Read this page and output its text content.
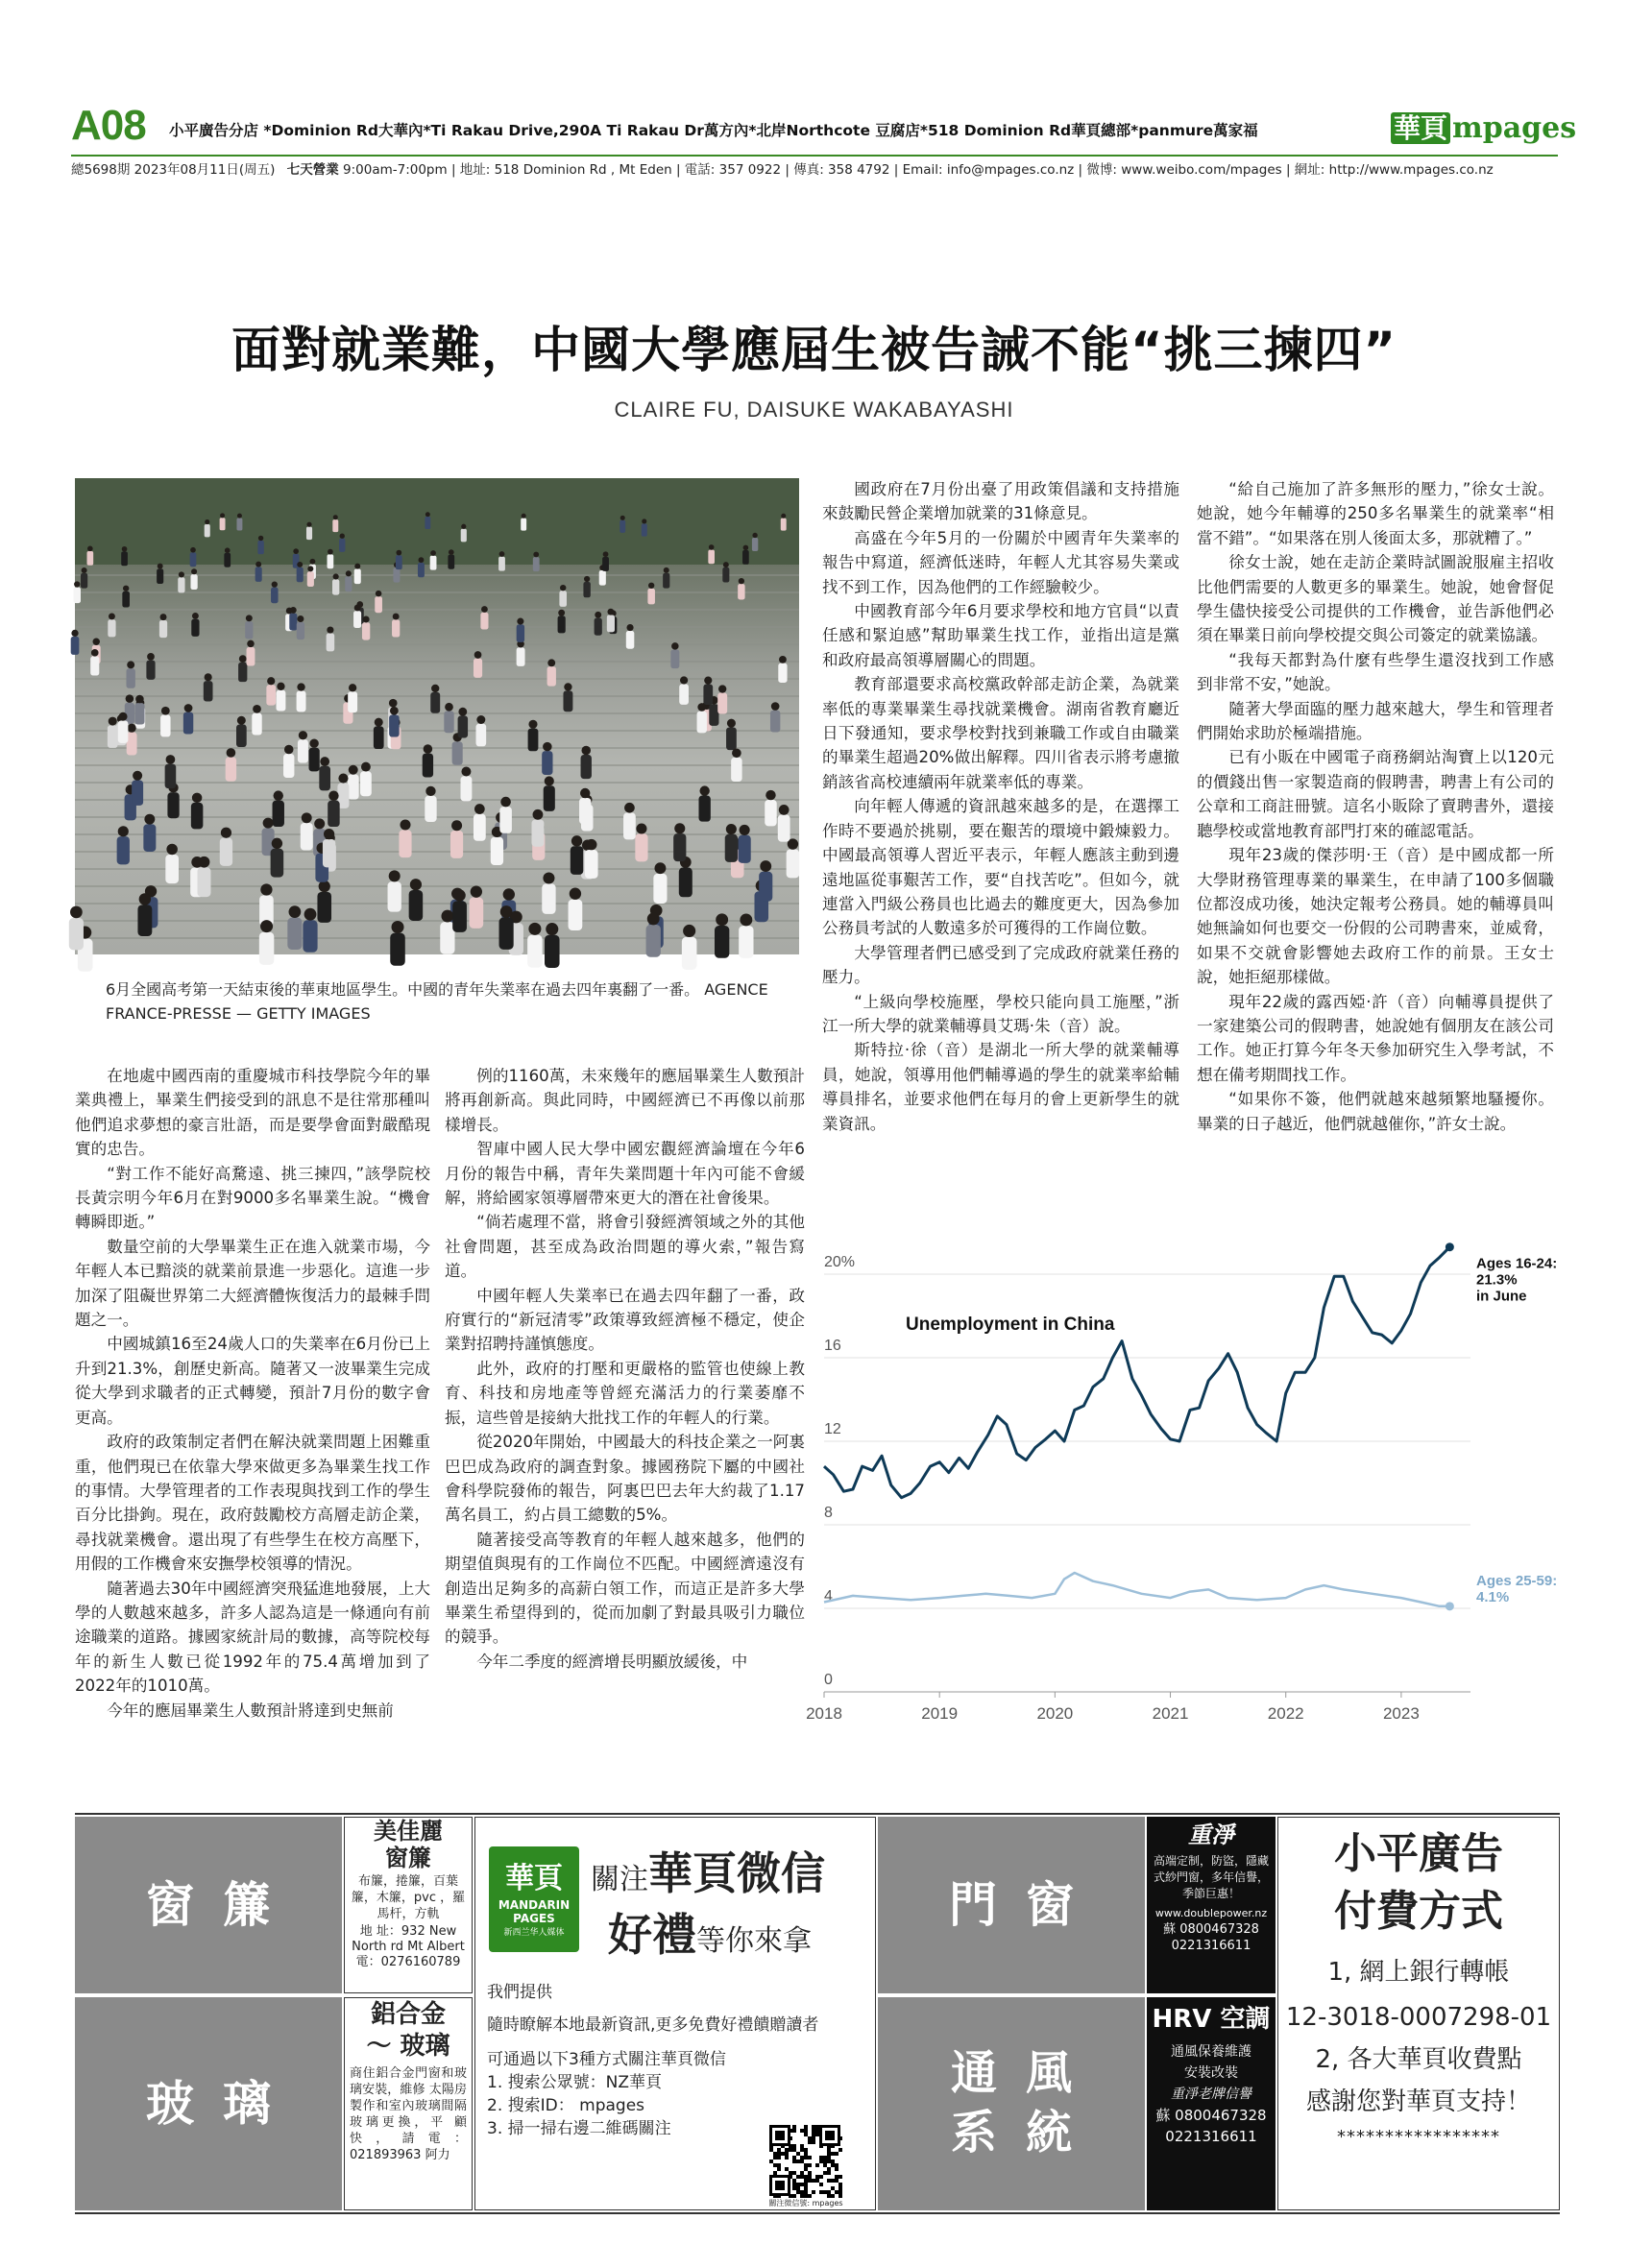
A08 小平廣告分店 *Dominion Rd大華內*Ti Rakau Drive,290A Ti Rakau Dr萬方內*北岸Northcote 豆腐店*518 Dominion Rd華頁總部*panmure萬家福	華頁 mpages
總5698期 2023年08月11日(周五) 七天營業 9:00am-7:00pm | 地址: 518 Dominion Rd , Mt Eden | 電話: 357 0922 | 傳真: 358 4792 | Email: info@mpages.co.nz | 微博: www.weibo.com/mpages | 網址: http://www.mpages.co.nz
面對就業難，中國大學應屆生被告誡不能“挑三揀四”
CLAIRE FU, DAISUKE WAKABAYASHI
6月全國高考第一天結束後的華東地區學生。中國的青年失業率在過去四年裏翻了一番。 AGENCE FRANCE-PRESSE — GETTY IMAGES

在地處中國西南的重慶城市科技學院今年的畢業典禮上，畢業生們接受到的訊息不是往常那種叫他們追求夢想的豪言壯語，而是要學會面對嚴酷現實的忠告。

“對工作不能好高騖遠、挑三揀四，”該學院校長黃宗明今年6月在對9000多名畢業生說。“機會轉瞬即逝。”

數量空前的大學畢業生正在進入就業市場，今年輕人本已黯淡的就業前景進一步惡化。這進一步加深了阻礙世界第二大經濟體恢復活力的最棘手問題之一。

中國城鎮16至24歲人口的失業率在6月份已上升到21.3%，創歷史新高。隨著又一波畢業生完成從大學到求職者的正式轉變，預計7月份的數字會更高。

政府的政策制定者們在解決就業問題上困難重重，他們現已在依靠大學來做更多為畢業生找工作的事情。大學管理者的工作表現與找到工作的學生百分比掛鉤。現在，政府鼓勵校方高層走訪企業，尋找就業機會。還出現了有些學生在校方高壓下，用假的工作機會來安撫學校領導的情況。

隨著過去30年中國經濟突飛猛進地發展，上大學的人數越來越多，許多人認為這是一條通向有前途職業的道路。據國家統計局的數據，高等院校每年的新生人數已從1992年的75.4萬增加到了2022年的1010萬。

今年的應屆畢業生人數預計將達到史無前

例的1160萬，未來幾年的應屆畢業生人數預計將再創新高。與此同時，中國經濟已不再像以前那樣增長。

智庫中國人民大學中國宏觀經濟論壇在今年6月份的報告中稱，青年失業問題十年內可能不會緩解，將給國家領導層帶來更大的潛在社會後果。

“倘若處理不當，將會引發經濟領域之外的其他社會問題，甚至成為政治問題的導火索，”報告寫道。

中國年輕人失業率已在過去四年翻了一番，政府實行的“新冠清零”政策導致經濟極不穩定，使企業對招聘持謹慎態度。

此外，政府的打壓和更嚴格的監管也使線上教育、科技和房地產等曾經充滿活力的行業萎靡不振，這些曾是接納大批找工作的年輕人的行業。

從2020年開始，中國最大的科技企業之一阿裏巴巴成為政府的調查對象。據國務院下屬的中國社會科學院發佈的報告，阿裏巴巴去年大約裁了1.17萬名員工，約占員工總數的5%。

隨著接受高等教育的年輕人越來越多，他們的期望值與現有的工作崗位不匹配。中國經濟遠沒有創造出足夠多的高薪白領工作，而這正是許多大學畢業生希望得到的，從而加劇了對最具吸引力職位的競爭。

今年二季度的經濟增長明顯放緩後，中

國政府在7月份出臺了用政策倡議和支持措施來鼓勵民營企業增加就業的31條意見。

高盛在今年5月的一份關於中國青年失業率的報告中寫道，經濟低迷時，年輕人尤其容易失業或找不到工作，因為他們的工作經驗較少。

中國教育部今年6月要求學校和地方官員“以責任感和緊迫感”幫助畢業生找工作，並指出這是黨和政府最高領導層關心的問題。

教育部還要求高校黨政幹部走訪企業，為就業率低的專業畢業生尋找就業機會。湖南省教育廳近日下發通知，要求學校對找到兼職工作或自由職業的畢業生超過20%做出解釋。四川省表示將考慮撤銷該省高校連續兩年就業率低的專業。

向年輕人傳遞的資訊越來越多的是，在選擇工作時不要過於挑剔，要在艱苦的環境中鍛煉毅力。中國最高領導人習近平表示，年輕人應該主動到邊遠地區從事艱苦工作，要“自找苦吃”。但如今，就連當入門級公務員也比過去的難度更大，因為參加公務員考試的人數遠多於可獲得的工作崗位數。

大學管理者們已感受到了完成政府就業任務的壓力。

“上級向學校施壓，學校只能向員工施壓，”浙江一所大學的就業輔導員艾瑪·朱（音）說。

斯特拉·徐（音）是湖北一所大學的就業輔導員，她說，領導用他們輔導過的學生的就業率給輔導員排名，並要求他們在每月的會上更新學生的就業資訊。

“給自己施加了許多無形的壓力，”徐女士說。她說，她今年輔導的250多名畢業生的就業率“相當不錯”。“如果落在別人後面太多，那就糟了。”

徐女士說，她在走訪企業時試圖說服雇主招收比他們需要的人數更多的畢業生。她說，她會督促學生儘快接受公司提供的工作機會，並告訴他們必須在畢業日前向學校提交與公司簽定的就業協議。

“我每天都對為什麼有些學生還沒找到工作感到非常不安，”她說。

隨著大學面臨的壓力越來越大，學生和管理者們開始求助於極端措施。

已有小販在中國電子商務網站淘寶上以120元的價錢出售一家製造商的假聘書，聘書上有公司的公章和工商註冊號。這名小販除了賣聘書外，還接聽學校或當地教育部門打來的確認電話。

現年23歲的傑莎明·王（音）是中國成都一所大學財務管理專業的畢業生，在申請了100多個職位都沒成功後，她決定報考公務員。她的輔導員叫她無論如何也要交一份假的公司聘書來，並威脅，如果不交就會影響她去政府工作的前景。王女士說，她拒絕那樣做。

現年22歲的露西婭·許（音）向輔導員提供了一家建築公司的假聘書，她說她有個朋友在該公司工作。她正打算今年冬天參加研究生入學考試，不想在備考期間找工作。

“如果你不簽，他們就越來越頻繁地騷擾你。畢業的日子越近，他們就越催你，”許女士說。

0
4
8
12
16
20%
2018	2019	2020	2021	2022	2023
Unemployment in China
Ages 16-24:
21.3%
in June
Ages 25-59:
4.1%
窗簾
玻璃
美佳麗
窗簾
布簾，捲簾，百葉簾，木簾，pvc ，羅馬杆，方軌
地 址：932 New North rd Mt Albert
電：0276160789
鋁合金
～ 玻璃
商住鋁合金門窗和玻璃安裝，維修 太陽房製作和室內玻璃間隔 玻璃更換，平 顧 快，請電：021893963 阿力
華頁
MANDARIN PAGES
新西兰华人媒体
關注華頁微信
好禮等你來拿
我們提供
隨時瞭解本地最新資訊,更多免費好禮饋贈讀者
可通過以下3種方式關注華頁微信
1. 搜索公眾號：NZ華頁
2. 搜索ID： mpages
3. 掃一掃右邊二維碼關注
關注微信號: mpages
門窗
通風
系統
重淨
高端定制，防盜，隱藏式紗門窗，多年信譽，季節巨惠！
www.doublepower.nz
蘇 0800467328
0221316611
HRV 空調
通風保養維護 安裝改裝
重淨老牌信譽
蘇 0800467328
0221316611
小平廣告
付費方式
1, 網上銀行轉帳
12-3018-0007298-01
2, 各大華頁收費點
感謝您對華頁支持！
*****************
